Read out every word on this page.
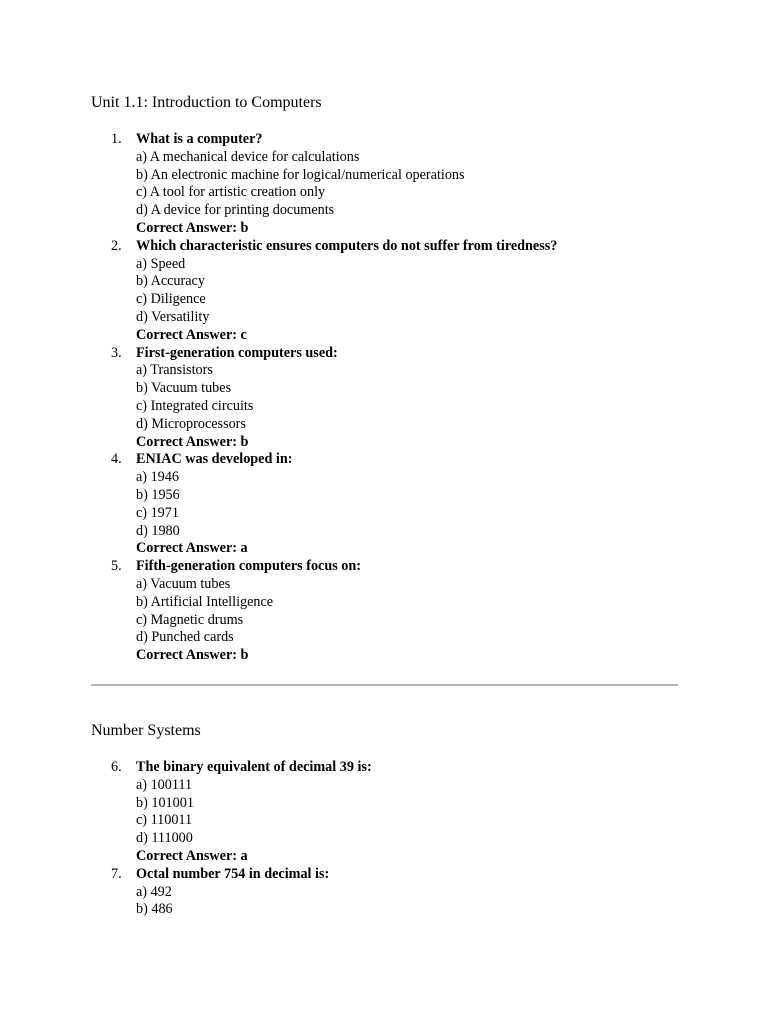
Unit 1.1: Introduction to Computers
1. What is a computer?
a) A mechanical device for calculations
b) An electronic machine for logical/numerical operations
c) A tool for artistic creation only
d) A device for printing documents
Correct Answer: b
2. Which characteristic ensures computers do not suffer from tiredness?
a) Speed
b) Accuracy
c) Diligence
d) Versatility
Correct Answer: c
3. First-generation computers used:
a) Transistors
b) Vacuum tubes
c) Integrated circuits
d) Microprocessors
Correct Answer: b
4. ENIAC was developed in:
a) 1946
b) 1956
c) 1971
d) 1980
Correct Answer: a
5. Fifth-generation computers focus on:
a) Vacuum tubes
b) Artificial Intelligence
c) Magnetic drums
d) Punched cards
Correct Answer: b
Number Systems
6. The binary equivalent of decimal 39 is:
a) 100111
b) 101001
c) 110011
d) 111000
Correct Answer: a
7. Octal number 754 in decimal is:
a) 492
b) 486
